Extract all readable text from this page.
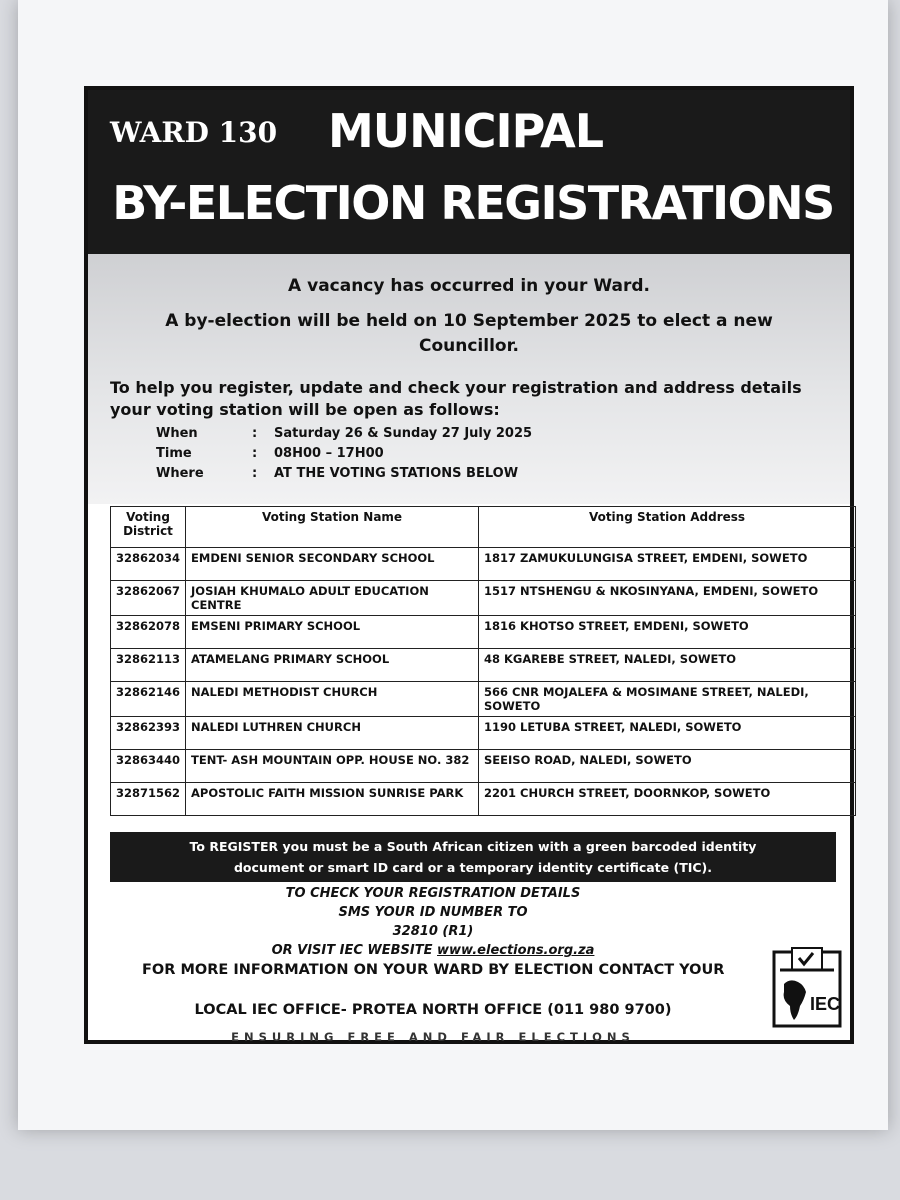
WARD 130 MUNICIPAL
BY-ELECTION REGISTRATIONS
A vacancy has occurred in your Ward.
A by-election will be held on 10 September 2025 to elect a new
Councillor.
To help you register, update and check your registration and address details
your voting station will be open as follows:
When	: Saturday 26 & Sunday 27 July 2025
Time	: 08H00 – 17H00
Where	: AT THE VOTING STATIONS BELOW
Voting District	Voting Station Name	Voting Station Address
32862034	EMDENI SENIOR SECONDARY SCHOOL	1817 ZAMUKULUNGISA STREET, EMDENI, SOWETO
32862067	JOSIAH KHUMALO ADULT EDUCATION CENTRE	1517 NTSHENGU & NKOSINYANA, EMDENI, SOWETO
32862078	EMSENI PRIMARY SCHOOL	1816 KHOTSO STREET, EMDENI, SOWETO
32862113	ATAMELANG PRIMARY SCHOOL	48 KGAREBE STREET, NALEDI, SOWETO
32862146	NALEDI METHODIST CHURCH	566 CNR MOJALEFA & MOSIMANE STREET, NALEDI, SOWETO
32862393	NALEDI LUTHREN CHURCH	1190 LETUBA STREET, NALEDI, SOWETO
32863440	TENT- ASH MOUNTAIN OPP. HOUSE NO. 382	SEEISO ROAD, NALEDI, SOWETO
32871562	APOSTOLIC FAITH MISSION SUNRISE PARK	2201 CHURCH STREET, DOORNKOP, SOWETO
To REGISTER you must be a South African citizen with a green barcoded identity
document or smart ID card or a temporary identity certificate (TIC).
TO CHECK YOUR REGISTRATION DETAILS
SMS YOUR ID NUMBER TO
32810 (R1)
OR VISIT IEC WEBSITE www.elections.org.za
FOR MORE INFORMATION ON YOUR WARD BY ELECTION CONTACT YOUR
LOCAL IEC OFFICE- PROTEA NORTH OFFICE (011 980 9700)
ENSURING FREE AND FAIR ELECTIONS
IEC
